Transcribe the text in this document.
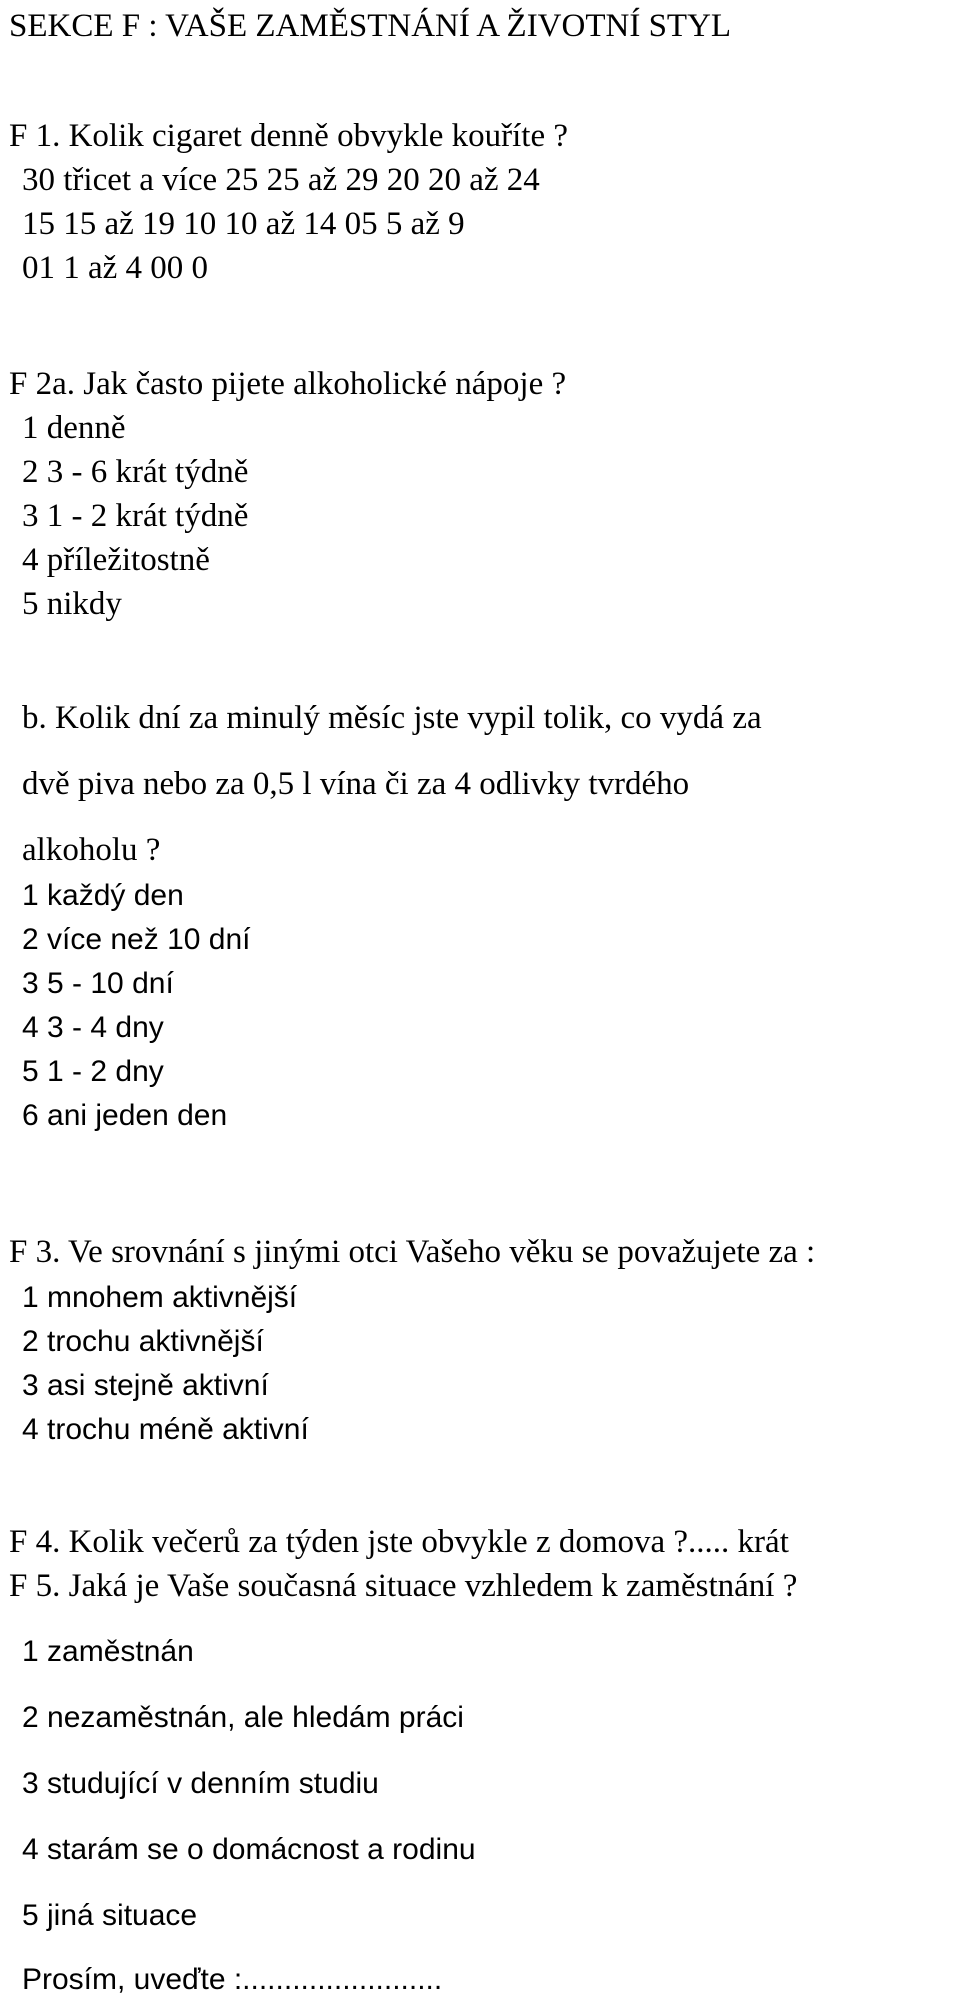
SEKCE F : VAŠE ZAMĚSTNÁNÍ A ŽIVOTNÍ STYL
F 1. Kolik cigaret denně obvykle kouříte ?
30 třicet a více 25 25 až 29 20 20 až 24
15 15 až 19 10 10 až 14 05 5 až 9
01 1 až 4 00 0
F 2a. Jak často pijete alkoholické nápoje ?
1 denně
2 3 - 6 krát týdně
3 1 - 2 krát týdně
4 příležitostně
5 nikdy
b. Kolik dní za minulý měsíc jste vypil tolik, co vydá za
dvě piva nebo za 0,5 l vína či za 4 odlivky tvrdého
alkoholu ?
1 každý den
2 více než 10 dní
3 5 - 10 dní
4 3 - 4 dny
5 1 - 2 dny
6 ani jeden den
F 3. Ve srovnání s jinými otci Vašeho věku se považujete za :
1 mnohem aktivnější
2 trochu aktivnější
3 asi stejně aktivní
4 trochu méně aktivní
F 4. Kolik večerů za týden jste obvykle z domova ?..... krát
F 5. Jaká je Vaše současná situace vzhledem k zaměstnání ?
1 zaměstnán
2 nezaměstnán, ale hledám práci
3 studující v denním studiu
4 starám se o domácnost a rodinu
5 jiná situace
Prosím, uveďte :........................
